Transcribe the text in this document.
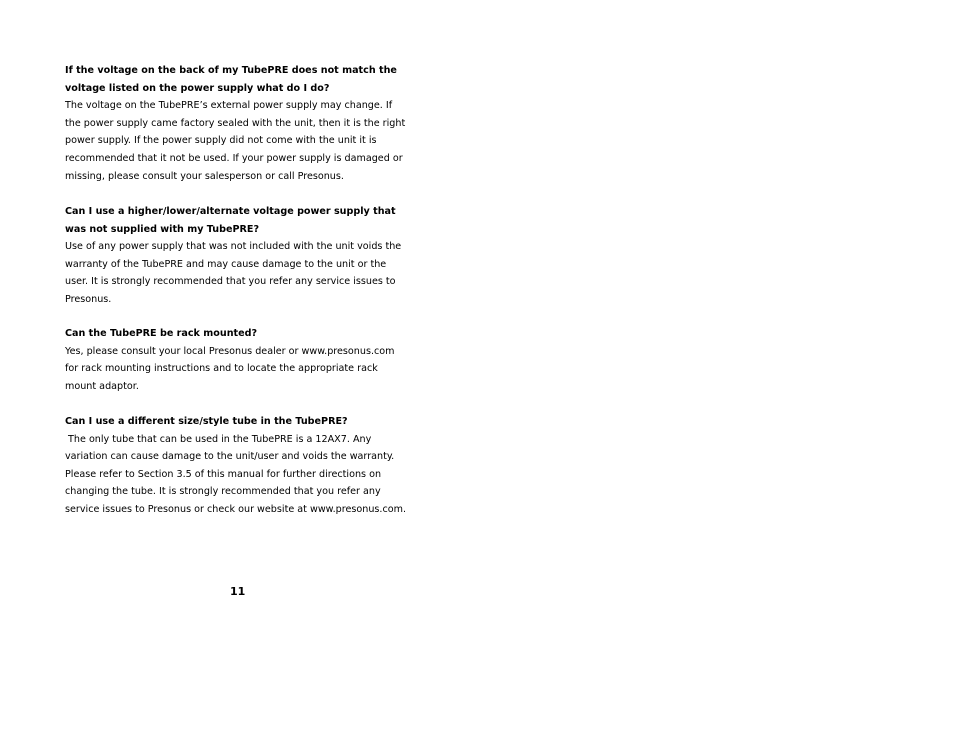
If the voltage on the back of my TubePRE does not match the
voltage listed on the power supply what do I do?
The voltage on the TubePRE’s external power supply may change. If
the power supply came factory sealed with the unit, then it is the right
power supply. If the power supply did not come with the unit it is
recommended that it not be used. If your power supply is damaged or
missing, please consult your salesperson or call Presonus.
Can I use a higher/lower/alternate voltage power supply that
was not supplied with my TubePRE?
Use of any power supply that was not included with the unit voids the
warranty of the TubePRE and may cause damage to the unit or the
user. It is strongly recommended that you refer any service issues to
Presonus.
Can the TubePRE be rack mounted?
Yes, please consult your local Presonus dealer or www.presonus.com
for rack mounting instructions and to locate the appropriate rack
mount adaptor.
Can I use a different size/style tube in the TubePRE?
The only tube that can be used in the TubePRE is a 12AX7. Any
variation can cause damage to the unit/user and voids the warranty.
Please refer to Section 3.5 of this manual for further directions on
changing the tube. It is strongly recommended that you refer any
service issues to Presonus or check our website at www.presonus.com.
11
